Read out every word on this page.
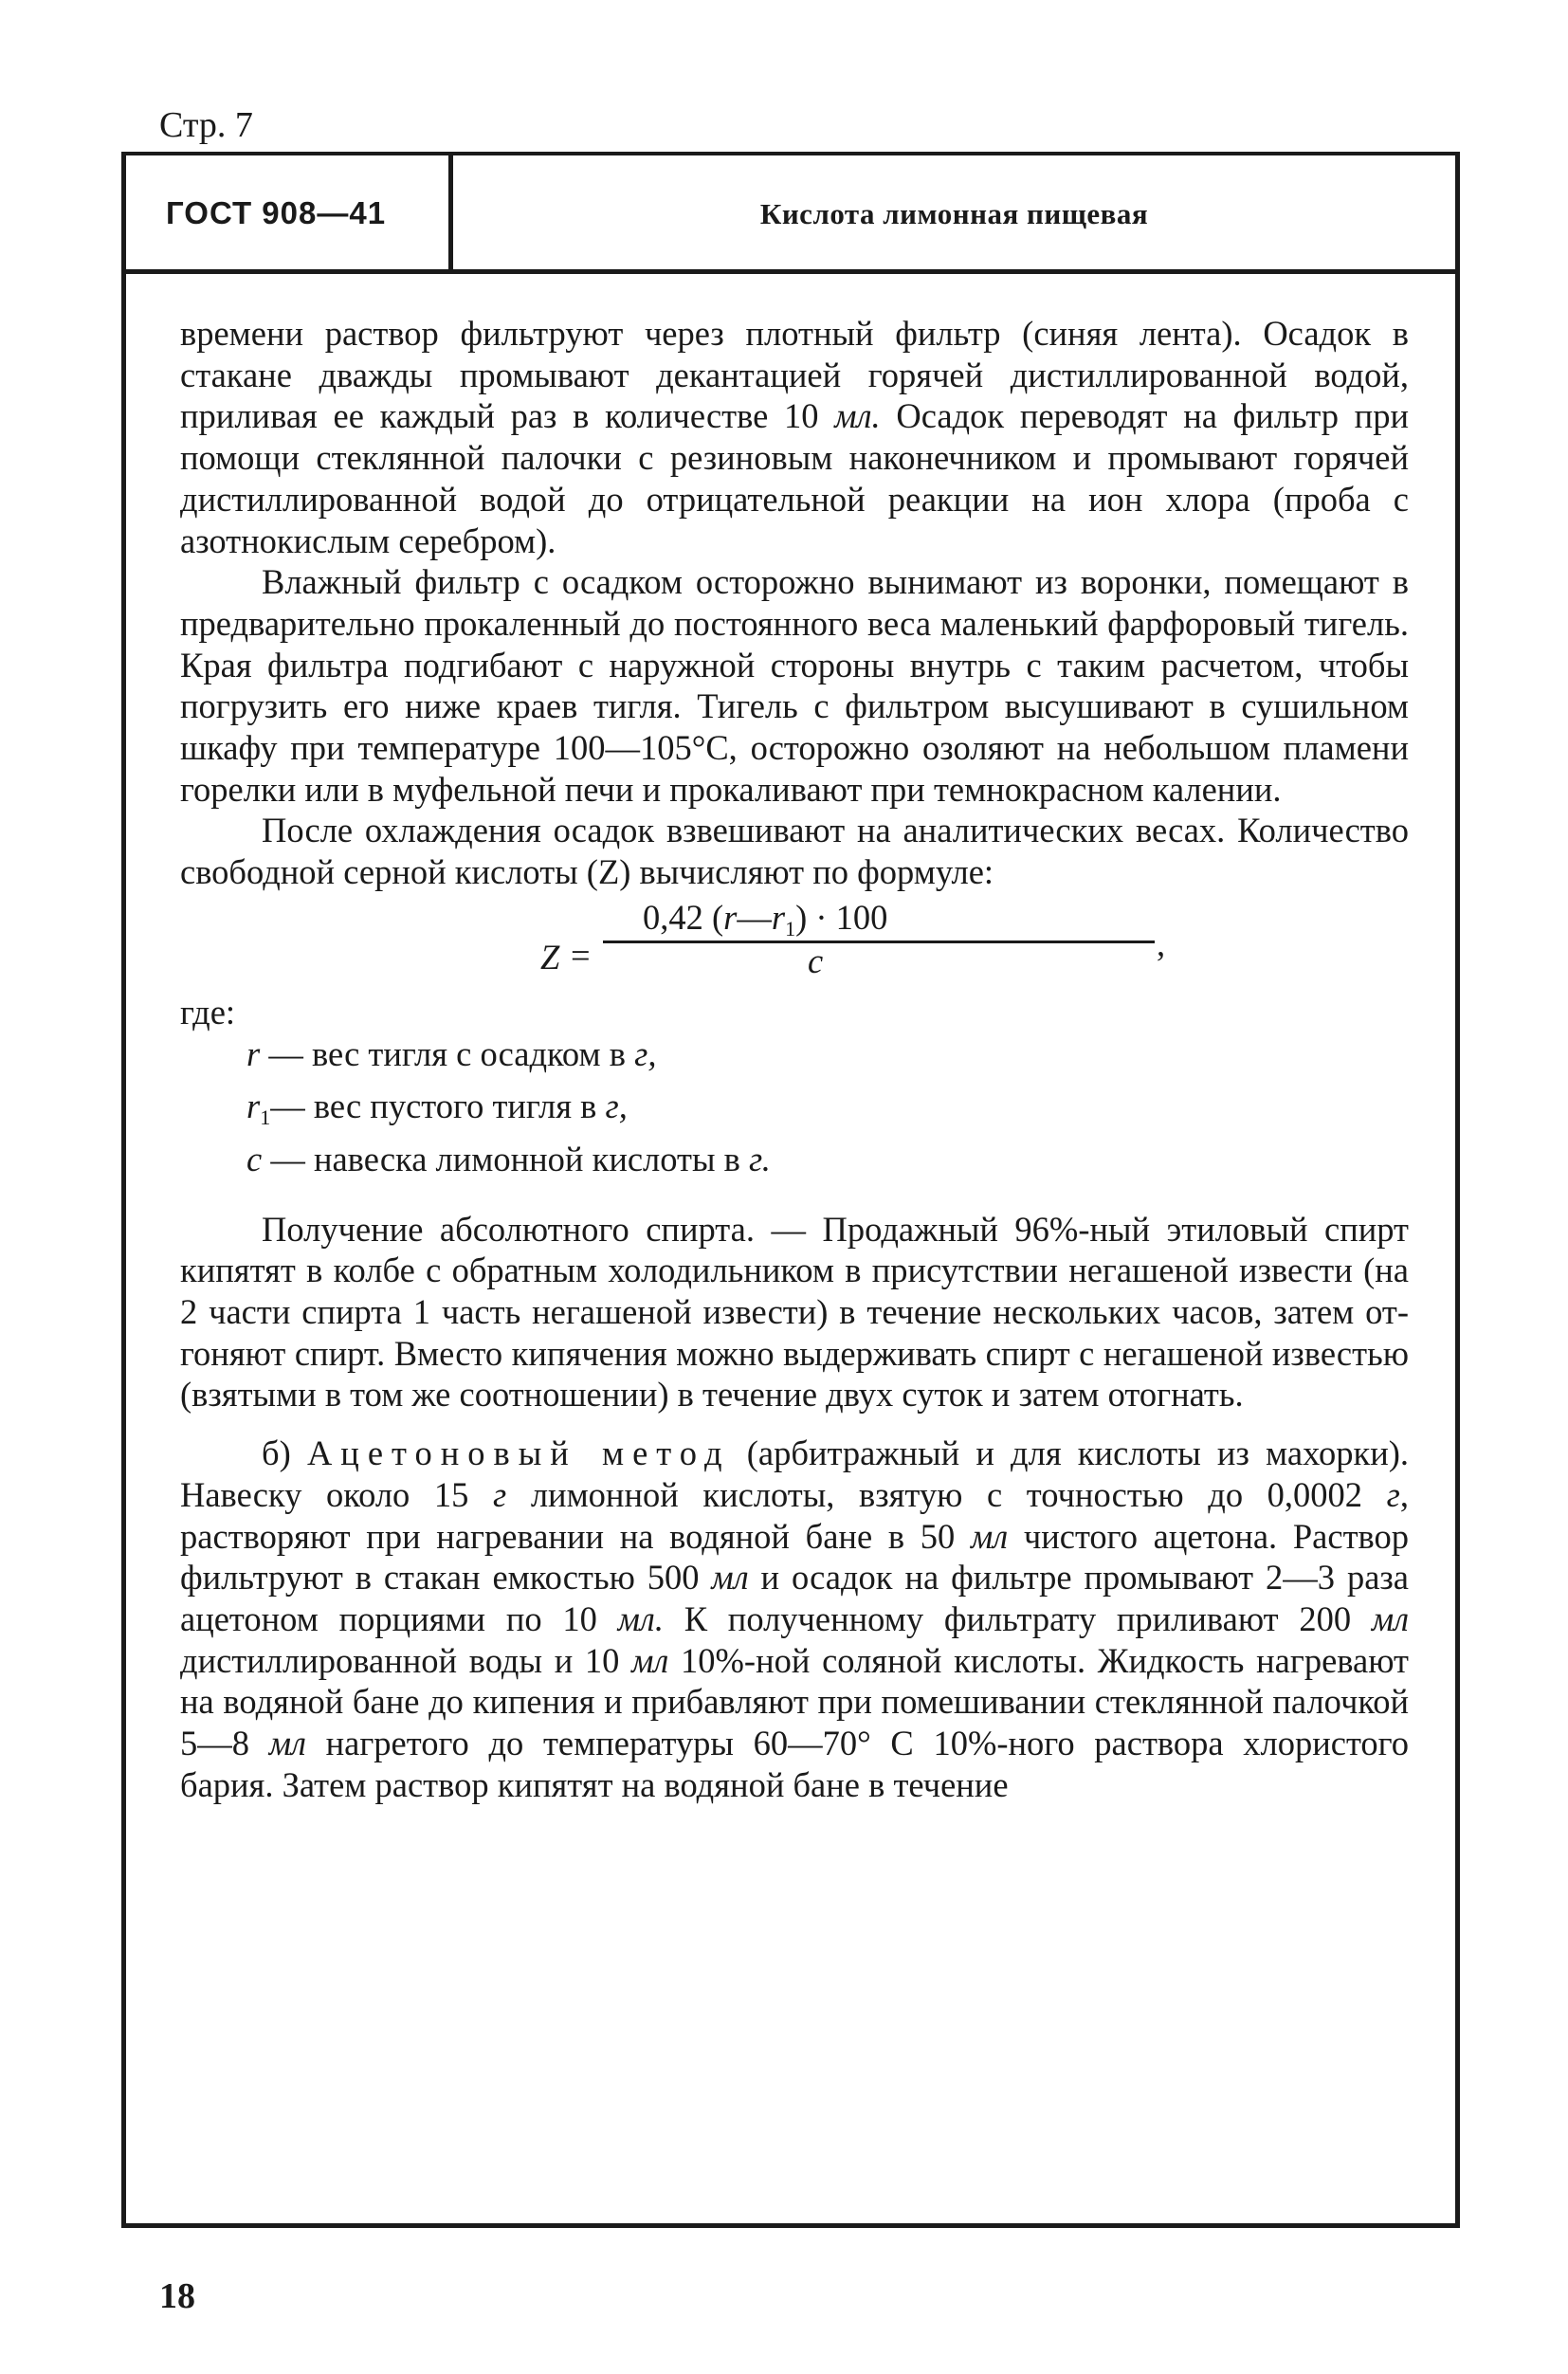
Стр. 7
ГОСТ 908—41	Кислота лимонная пищевая

времени раствор фильтруют через плотный фильтр (синяя лента). Осадок в стакане дважды промывают декантацией горячей дистиллированной водой, приливая ее каждый раз в количестве 10 мл. Осадок переводят на фильтр при помощи стеклянной палочки с резиновым наконечником и промывают горячей дистиллированной водой до отрицательной реакции на ион хлора (проба с азотнокислым серебром).

Влажный фильтр с осадком осторожно вынимают из воронки, помещают в предварительно прокаленный до постоянного веса маленький фарфоровый тигель. Края фильтра подгибают с наружной стороны внутрь с таким расчетом, чтобы погрузить его ниже краев тигля. Тигель с фильтром высушивают в сушильном шкафу при температуре 100—105°C, осторожно озоляют на небольшом пламени горелки или в муфельной печи и прокаливают при темнокрасном калении.

После охлаждения осадок взвешивают на аналитических весах. Количество свободной серной кислоты (Z) вычисляют по формуле:

Z =
0,42 $(r—r_1) \cdot 100$
c	,

где:

r — вес тигля с осадком в г,

$r_1—$ вес пустого тигля в г,

c — навеска лимонной кислоты в г.

Получение абсолютного спирта. — Продажный 96%-ный этиловый спирт кипятят в колбе с обратным холодильником в присутствии негашеной извести (на 2 части спирта 1 часть негашеной извести) в течение нескольких часов, затем отгоняют спирт. Вместо кипячения можно выдерживать спирт с негашеной известью (взятыми в том же соотношении) в течение двух суток и затем отогнать.

б) Ацетоновый метод (арбитражный и для кислоты из махорки). Навеску около 15 г лимонной кислоты, взятую с точностью до 0,0002 г, растворяют при нагревании на водяной бане в 50 мл чистого ацетона. Раствор фильтруют в стакан емкостью 500 мл и осадок на фильтре промывают 2—3 раза ацетоном порциями по 10 мл. К полученному фильтрату приливают 200 мл дистиллированной воды и 10 мл 10%-ной соляной кислоты. Жидкость нагревают на водяной бане до кипения и прибавляют при помешивании стеклянной палочкой 5—8 мл нагретого до температуры 60—70° С 10%-ного раствора хлористого бария. Затем раствор кипятят на водяной бане в течение

18
